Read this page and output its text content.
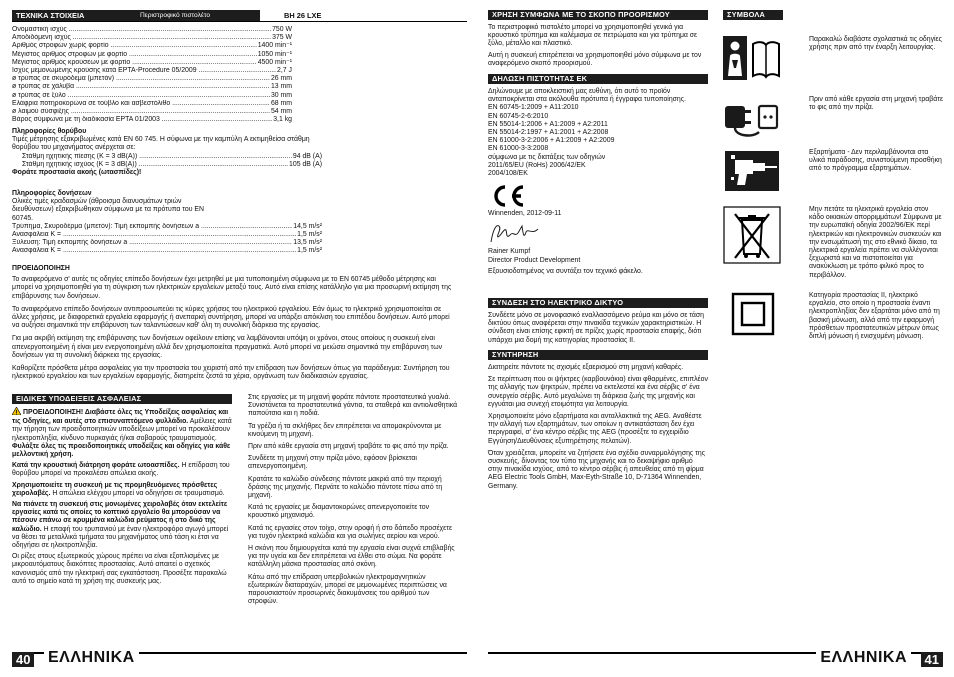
ΤΕΧΝΙΚΑ ΣΤΟΙΧΕΙΑ	Περιστροφικό πιστολέτο	BH 26 LXE
Ονομαστική ισχύς .....	750 W
Αποδιδόμενη ισχύς .....	375 W
Αριθμός στροφών χωρίς φορτίο .....	1400 min⁻¹
Μέγιστος αριθμός στροφών με φορτίο .....	1050 min⁻¹
Μέγιστος αριθμός κρούσεων με φορτίο .....	4500 min⁻¹
Ισχύς μεμονωμένης κρούσης κατά EPTA-Procedure 05/2009 .....	2,7 J
ø τρύπας σε σκυρόδεμα (μπετόν) .....	26 mm
ø τρύπας σε χάλυβα .....	13 mm
ø τρύπας σε ξύλο .....	30 mm
Ελάφρια ποτηροκορώνα σε τούβλο και ασβεστόλιθο .....	68 mm
ø λαιμού σύσφιξης .....	54 mm
Βάρος σύμφωνα με τη διαδικασία EPTA 01/2003 .....	3,1 kg

Πληροφορίες θορύβου

Τιμές μέτρησης εξακριβωμένες κατά EN 60 745. Η σύφωνα με την καμπύλη A εκτιμηθείσα στάθμη θορύβου του μηχανήματος ανέρχεται σε:

Στάθμη ηχητικής πίεσης (K = 3 dB(A)) .....	94 dB (A)
Στάθμη ηχητικής ισχύος (K = 3 dB(A)) .....	105 dB (A)

Φοράτε προστασία ακοής (ωτασπίδες)!

Πληροφορίες δονήσεων

Ολικές τιμές κραδασμών (άθροισμα διανυσμάτων τριών διευθύνσεων) εξακριβωθηκαν σύμφωνα με τα πρότυπα του EN 60745.

Τρύπημα, Σκυροδέρμα (μπετόν): Τιμή εκπομπής δονήσεων a .....	14,5 m/s²
Ανασφάλεια K = .....	1,5 m/s²
Ξύλευση: Τιμή εκπομπής δονήσεων a .....	13,5 m/s²
Ανασφάλεια K = .....	1,5 m/s²

ΠΡΟΕΙΔΟΠΟΙΗΣΗ

Το αναφερόμενο σ' αυτές τις οδηγίες επίπεδο δονήσεων έχει μετρηθεί με μια τυποποιημένη σύμφωνα με το EN 60745 μέθοδο μέτρησης και μπορεί να χρησιμοποιηθεί για τη σύγκριση των ηλεκτρικών εργαλείων μεταξύ τους. Αυτό είναι επίσης κατάλληλο για μια προσωρινή εκτίμηση της επιβάρυνσης των δονήσεων.

Το αναφερόμενο επίπεδο δονήσεων αντιπροσωπεύει τις κύριες χρήσεις του ηλεκτρικού εργαλείου. Εάν όμως το ηλεκτρικό χρησιμοποιείται σε άλλες χρήσεις, με διαφορετικά εργαλεία εφαρμογής ή ανεπαρκή συντήρηση, μπορεί να υπάρξει απόκλιση του επιπέδου δονήσεων. Αυτό μπορεί να αυξήσει σημαντικά την επιβάρυνση των ταλαντώσεων καθ' όλη τη συνολική διάρκεια της εργασίας.

Για μια ακριβή εκτίμηση της επιβάρυνσης των δονήσεων οφείλουν επίσης να λαμβάνονται υπόψη οι χρόνοι, στους οποίους η συσκευή είναι απενεργοποιημένη ή είναι μεν ενεργοποιημένη αλλά δεν χρησιμοποιείται πραγματικά. Αυτό μπορεί να μειώσει σημαντικά την επιβάρυνση των δονήσεων για τη συνολική διάρκεια της εργασίας.

Καθορίζετε πρόσθετα μέτρα ασφαλείας για την προστασία του χειριστή από την επίδραση των δονήσεων όπως για παράδειγμα: Συντήρηση του ηλεκτρικού εργαλείου και των εργαλείων εφαρμογής, διατηρείτε ζεστά τα χέρια, οργάνωση των διαδικασιών εργασίας.

ΕΙΔΙΚΕΣ ΥΠΟΔΕΙΞΕΙΣ ΑΣΦΑΛΕΙΑΣ

! ΠΡΟΕΙΔΟΠΟΙΗΣΗ! Διαβάστε όλες τις Υποδείξεις ασφαλείας και τις Οδηγίες, και αυτές στο επισυναπτόμενο φυλλάδιο. Αμέλειες κατά την τήρηση των προειδοποιητικών υποδείξεων μπορεί να προκαλέσουν ηλεκτροπληξία, κίνδυνο πυρκαγιάς ή/και σοβαρούς τραυματισμούς.

Φυλάξτε όλες τις προειδοποιητικές υποδείξεις και οδηγίες για κάθε μελλοντική χρήση.

Κατά την κρουστική διάτρηση φοράτε ωτοασπίδες. Η επίδραση του θορύβου μπορεί να προκαλέσει απώλεια ακοής.

Χρησιμοποιείτε τη συσκευή με τις προμηθευόμενες πρόσθετες χειρολαβές. Η απώλεια ελέγχου μπορεί να οδηγήσει σε τραυματισμό.

Να πιάνετε τη συσκευή στις μονωμένες χειρολαβές όταν εκτελείτε εργασίες κατά τις οποίες το κοπτικό εργαλείο θα μπορούσαν να πέσουν επάνω σε κρυμμένα καλώδια ρεύματος ή στο δικό της καλώδιο. Η επαφή του τρυπανιού με έναν ηλεκτροφόρο αγωγό μπορεί να θέσει τα μεταλλικά τμήματα του μηχανήματος υπό τάση κι έτσι να οδηγήσει σε ηλεκτροπληξία.

Οι ρίζες στους εξωτερικούς χώρους πρέπει να είναι εξοπλισμένες με μικροαυτόματους διακόπτες προστασίας. Αυτό απαιτεί ο σχετικός κανονισμός από την ηλεκτρική σας εγκατάσταση. Προσέξτε παρακαλώ αυτό το σημείο κατά τη χρήση της συσκευής μας.

Στις εργασίες με τη μηχανή φοράτε πάντοτε προστατευτικά γυαλιά. Συνιστάνεται τα προστατευτικά γάντια, τα σταθερά και αντιολισθητικά παπούτσια και η ποδιά.

Τα γρέζια ή τα σκλήθρες δεν επιτρέπεται να απομακρύνονται με κινούμενη τη μηχανή.

Πριν από κάθε εργασία στη μηχανή τραβάτε το φις από την πρίζα.

Συνδέετε τη μηχανή στην πρίζα μόνο, εφόσον βρίσκεται απενεργοποιημένη.

Κρατάτε το καλώδιο σύνδεσης πάντοτε μακριά από την περιοχή δράσης της μηχανής. Περνάτε το καλώδιο πάντοτε πίσω από τη μηχανή.

Κατά τις εργασίες με διαμαντοκορώνες απενεργοποιείτε τον κρουστικό μηχανισμό.

Κατά τις εργασίες στον τοίχο, στην οροφή ή στο δάπεδο προσέχετε για τυχόν ηλεκτρικά καλώδια και για σωλήνες αερίου και νερού.

Η σκόνη που δημιουργείται κατά την εργασία είναι συχνά επιβλαβής για την υγεία και δεν επιτρέπεται να έλθει στο σώμα. Να φοράτε κατάλληλη μάσκα προστασίας από σκόνη.

Κάτω από την επίδραση υπερβολικών ηλεκτρομαγνητικών εξωτερικών διαταραχών, μπορεί σε μεμονωμένες περιπτώσεις να παρουσιαστούν προσωρινές διακυμάνσεις του αριθμού των στροφών.

40 ΕΛΛΗΝΙΚΑ
ΧΡΗΣΗ ΣΥΜΦΩΝΑ ΜΕ ΤΟ ΣΚΟΠΟ ΠΡΟΟΡΙΣΜΟΥ

Το περιστροφικό πιστολέτο μπορεί να χρησιμοποιηθεί γενικά για κρουστικό τρύπημα και καλέμισμα σε πετρώματα και για τρύπημα σε ξύλο, μέταλλο και πλαστικό.

Αυτή η συσκευή επιτρέπεται να χρησιμοποιηθεί μόνο σύμφωνα με τον αναφερόμενο σκοπό προορισμού.

ΔΗΛΩΣΗ ΠΙΣΤΟΤΗΤΑΣ ΕΚ

Δηλώνουμε με αποκλειστική μας ευθύνη, ότι αυτό το προϊόν ανταποκρίνεται στα ακόλουθα πρότυπα ή έγγραφα τυποποίησης.

EN 60745-1:2009 + A11:2010
EN 60745-2-6:2010
EN 55014-1:2006 + A1:2009 + A2:2011
EN 55014-2:1997 + A1:2001 + A2:2008
EN 61000-3-2:2006 + A1:2009 + A2:2009
EN 61000-3-3:2008

σύμφωνα με τις διατάξεις των οδηγιών 2011/65/EU (RoHs) 2006/42/EK 2004/108/EK

Winnenden, 2012-09-11

Rainer Kumpf

Director Product Development

Εξουσιοδοτημένος να συντάξει τον τεχνικό φάκελο.

ΣΥΝΔΕΣΗ ΣΤΟ ΗΛΕΚΤΡΙΚΟ ΔΙΚΤΥΟ

Συνδέετε μόνο σε μονοφασικό εναλλασσόμενο ρεύμα και μόνο σε τάση δικτύου όπως αναφέρεται στην πινακίδα τεχνικών χαρακτηριστικών. Η σύνδεση είναι επίσης εφικτή σε πρίζες χωρίς προστασία επαφής, διότι υπάρχει μια δομή της κατηγορίας προστασίας II.

ΣΥΝΤΗΡΗΣΗ

Διατηρείτε πάντοτε τις σχισμές εξαερισμού στη μηχανή καθαρές.

Σε περίπτωση που οι ψήκτρες (καρβουνάκια) είναι φθαρμένες, επιπλέον της αλλαγής των ψηκτρών, πρέπει να εκτελεστεί και ένα σέρβις σ' ένα συνεργείο σέρβις. Αυτό μεγαλώνει τη διάρκεια ζωής της μηχανής και εγγυάται μια συνεχή ετοιμότητα για λειτουργία.

Χρησιμοποιείτε μόνο εξαρτήματα και ανταλλακτικά της AEG. Αναθέστε την αλλαγή των εξαρτημάτων, των οποίων η αντικατάσταση δεν έχει περιγραφεί, σ' ένα κέντρο σέρβις της AEG (προσέξτε το εγχειρίδιο Εγγύηση/Διευθύνσεις εξυπηρέτησης πελατών).

Όταν χρειάζεται, μπορείτε να ζητήσετε ένα σχέδιο συναρμολόγησης της συσκευής, δίνοντας τον τύπο της μηχανής και το δεκαψήφιο αριθμό στην πινακίδα ισχύος, από το κέντρο σέρβις ή απευθείας από τη φίρμα AEG Electric Tools GmbH, Max-Eyth-Straße 10, D-71364 Winnenden, Germany.

ΣΥΜΒΟΛΑ
Παρακαλώ διαβάστε σχολαστικά τις οδηγίες χρήσης πριν από την έναρξη λειτουργίας.
Πριν από κάθε εργασία στη μηχανή τραβάτε το φις από την πρίζα.
Εξαρτήματα - Δεν περιλαμβάνονται στα υλικά παράδοσης, συνιστούμενη προσθήκη από το πρόγραμμα εξαρτημάτων.
Μην πετάτε τα ηλεκτρικά εργαλεία στον κάδο οικιακών απορριμμάτων! Σύμφωνα με την ευρωπαϊκή οδηγία 2002/96/ΕΚ περί ηλεκτρικών και ηλεκτρονικών συσκευών και την ενσωμάτωσή της στο εθνικό δίκαιο, τα ηλεκτρικά εργαλεία πρέπει να συλλέγονται ξεχωριστά και να πιστοποιείται για ανακύκλωση με τρόπο φιλικό προς το περιβάλλον.
Κατηγορία προστασίας II, ηλεκτρικό εργαλείο, στο οποίο η προστασία έναντι ηλεκτροπληξίας δεν εξαρτάται μόνο από τη βασική μόνωση, αλλά από την εφαρμογή πρόσθετων προστατευτικών μέτρων όπως διπλή μόνωση ή ενισχυμένη μόνωση.
ΕΛΛΗΝΙΚΑ	41
